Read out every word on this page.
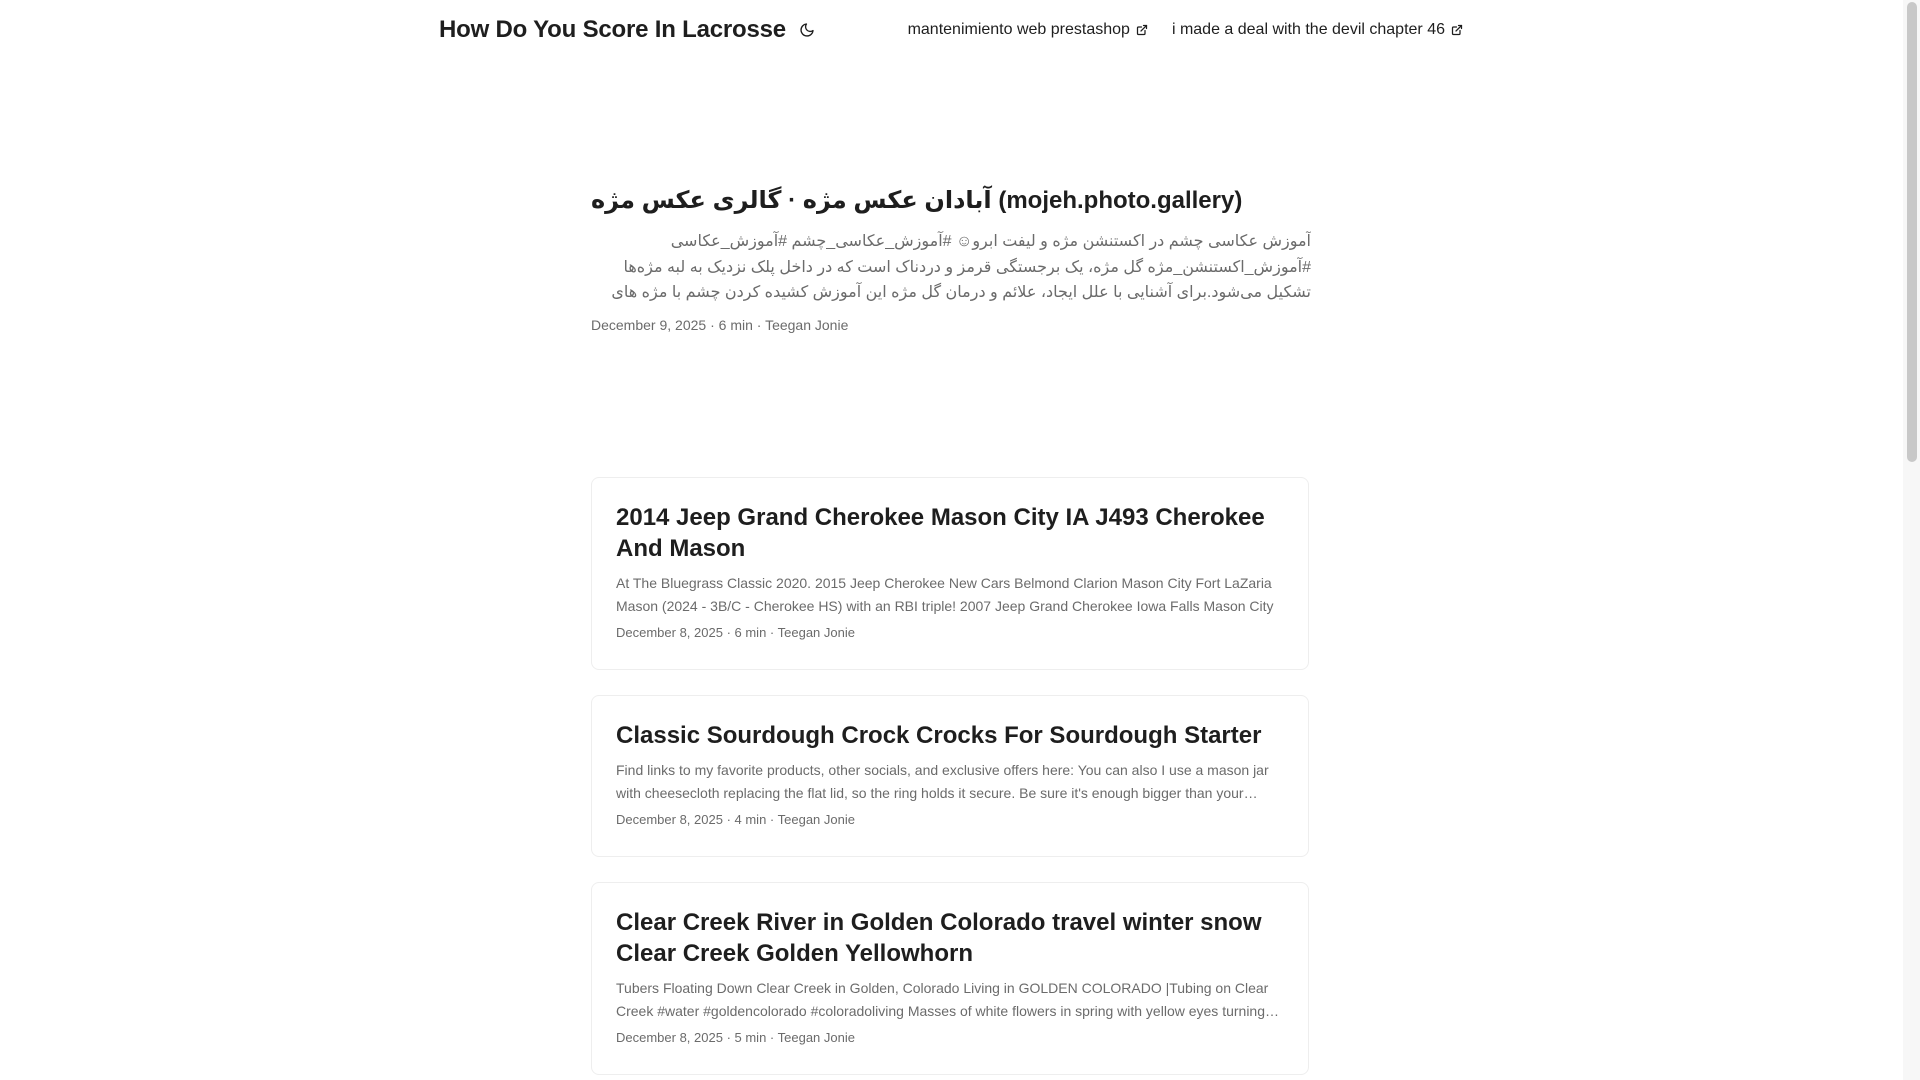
How Do You Score In Lacrosse	mantenimiento web prestashop	i made a deal with the devil chapter 46
آبادان عکس مژه · گالری عکس مژه (mojeh.photo.gallery)
آموزش عکاسی چشم در اکستنشن مژه و لیفت ابرو☺ #آموزش_عکاسی_چشم #آموزش_عکاسی #آموزش_اکستنشن_مژه گل مژه، یک برجستگی قرمز و دردناک است که در داخل پلک نزدیک به لبه مژه‌ها تشکیل می‌شود.برای آشنایی با علل ایجاد، علائم و درمان گل مژه این آموزش کشیده کردن چشم با مژه های
December 9, 2025 · 6 min · Teegan Jonie
2014 Jeep Grand Cherokee Mason City IA J493 Cherokee And Mason
At The Bluegrass Classic 2020. 2015 Jeep Cherokee New Cars Belmond Clarion Mason City Fort LaZaria Mason (2024 - 3B/C - Cherokee HS) with an RBI triple! 2007 Jeep Grand Cherokee Iowa Falls Mason City
December 8, 2025 · 6 min · Teegan Jonie
Classic Sourdough Crock Crocks For Sourdough Starter
Find links to my favorite products, other socials, and exclusive offers here: You can also I use a mason jar with cheesecloth replacing the flat lid, so the ring holds it secure. Be sure it's enough bigger than your
December 8, 2025 · 4 min · Teegan Jonie
Clear Creek River in Golden Colorado travel winter snow Clear Creek Golden Yellowhorn
Tubers Floating Down Clear Creek in Golden, Colorado Living in GOLDEN COLORADO |Tubing on Clear Creek #water #goldencolorado #coloradoliving Masses of white flowers in spring with yellow eyes turning
December 8, 2025 · 5 min · Teegan Jonie
